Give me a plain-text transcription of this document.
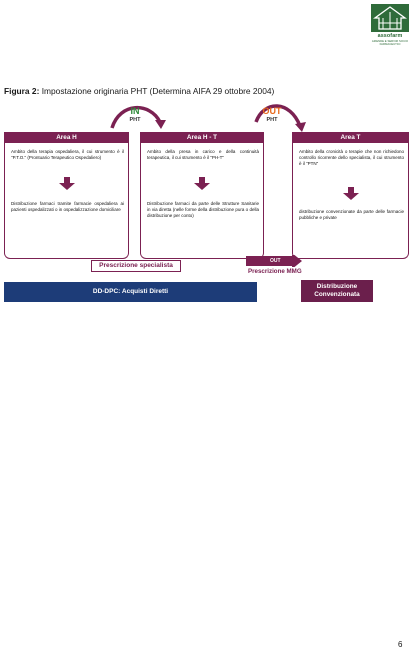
assofarm
AZIENDE E SERVIZI SOCIO FARMACEUTICI
Figura 2: Impostazione originaria PHT (Determina AIFA 29 ottobre 2004)
IN
PHT
OUT
PHT
Area H
Ambito della terapia ospedaliera, il cui strumento è il "P.T.O." (Prontuario Terapeutico Ospedaliero)
Distribuzione farmaci tramite farmacie ospedaliera ai pazienti ospedalizzati o in ospedalizzazione domiciliare
Area H - T
Ambito della presa in carico e della continuità terapeutica, il cui strumento è il "PH-T"
Distribuzione farmaci da parte delle Strutture Sanitarie in via diretta (nelle forme della distribuzione pura o della distribuzione per conto)
Area T
Ambito della cronicità o terapie che non richiedono controllo ricorrente dello specialista, il cui strumento è il "PTN"
distribuzione convenzionate da parte delle farmacie pubbliche e private
Prescrizione specialista
OUT
Prescrizione MMG
DD-DPC: Acquisti Diretti
Distribuzione
Convenzionata
6
